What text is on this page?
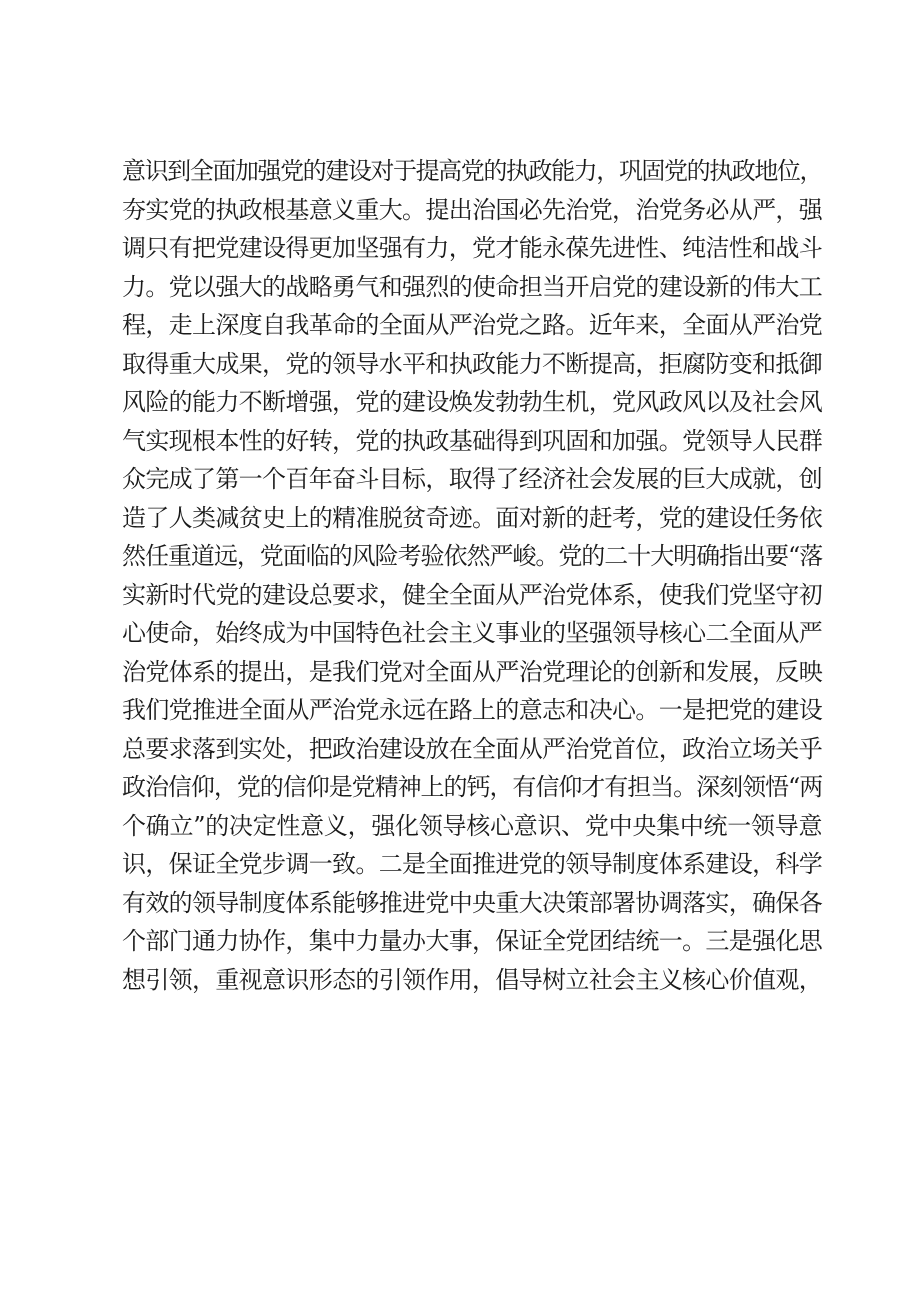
意识到全面加强党的建设对于提高党的执政能力，巩固党的执政地位，
夯实党的执政根基意义重大。提出治国必先治党，治党务必从严，强
调只有把党建设得更加坚强有力，党才能永葆先进性、纯洁性和战斗
力。党以强大的战略勇气和强烈的使命担当开启党的建设新的伟大工
程，走上深度自我革命的全面从严治党之路。近年来，全面从严治党
取得重大成果，党的领导水平和执政能力不断提高，拒腐防变和抵御
风险的能力不断增强，党的建设焕发勃勃生机，党风政风以及社会风
气实现根本性的好转，党的执政基础得到巩固和加强。党领导人民群
众完成了第一个百年奋斗目标，取得了经济社会发展的巨大成就，创
造了人类减贫史上的精准脱贫奇迹。面对新的赶考，党的建设任务依
然任重道远，党面临的风险考验依然严峻。党的二十大明确指出要“落
实新时代党的建设总要求，健全全面从严治党体系，使我们党坚守初
心使命，始终成为中国特色社会主义事业的坚强领导核心二全面从严
治党体系的提出，是我们党对全面从严治党理论的创新和发展，反映
我们党推进全面从严治党永远在路上的意志和决心。一是把党的建设
总要求落到实处，把政治建设放在全面从严治党首位，政治立场关乎
政治信仰，党的信仰是党精神上的钙，有信仰才有担当。深刻领悟“两
个确立”的决定性意义，强化领导核心意识、党中央集中统一领导意
识，保证全党步调一致。二是全面推进党的领导制度体系建设，科学
有效的领导制度体系能够推进党中央重大决策部署协调落实，确保各
个部门通力协作，集中力量办大事，保证全党团结统一。三是强化思
想引领，重视意识形态的引领作用，倡导树立社会主义核心价值观，
